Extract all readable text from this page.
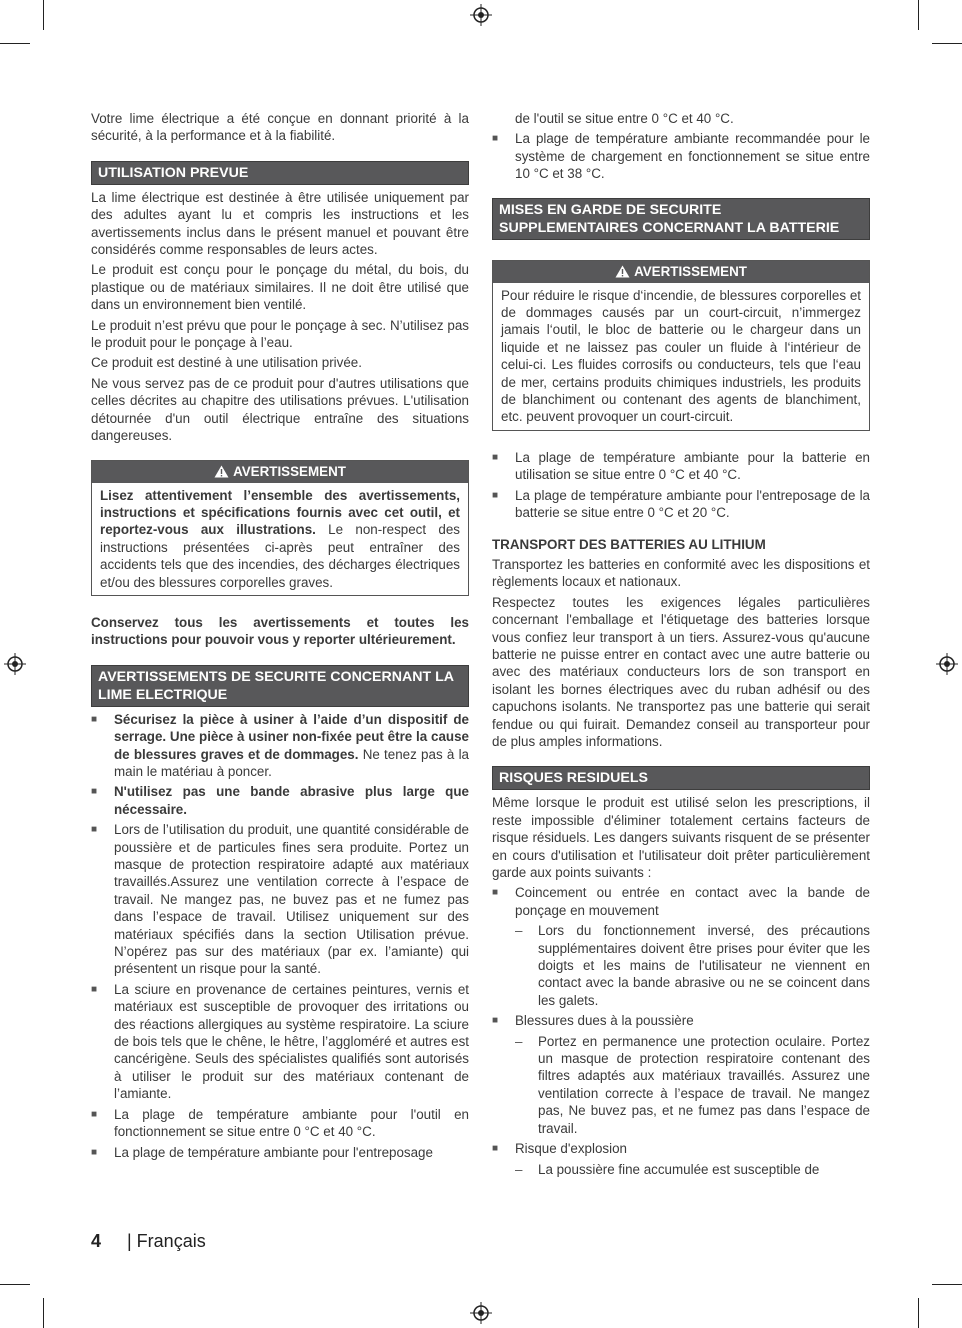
Votre lime électrique a été conçue en donnant priorité à la sécurité, à la performance et à la fiabilité.

UTILISATION PREVUE

La lime électrique est destinée à être utilisée uniquement par des adultes ayant lu et compris les instructions et les avertissements inclus dans le présent manuel et pouvant être considérés comme responsables de leurs actes.

Le produit est conçu pour le ponçage du métal, du bois, du plastique ou de matériaux similaires. Il ne doit être utilisé que dans un environnement bien ventilé.

Le produit n’est prévu que pour le ponçage à sec. N’utilisez pas le produit pour le ponçage à l’eau.

Ce produit est destiné à une utilisation privée.

Ne vous servez pas de ce produit pour d'autres utilisations que celles décrites au chapitre des utilisations prévues. L'utilisation détournée d'un outil électrique entraîne des situations dangereuses.

AVERTISSEMENT
Lisez attentivement l’ensemble des avertissements, instructions et spécifications fournis avec cet outil, et reportez-vous aux illustrations. Le non-respect des instructions présentées ci-après peut entraîner des accidents tels que des incendies, des décharges électriques et/ou des blessures corporelles graves.

Conservez tous les avertissements et toutes les instructions pour pouvoir vous y reporter ultérieurement.

AVERTISSEMENTS DE SECURITE CONCERNANT LA LIME ELECTRIQUE
■ Sécurisez la pièce à usiner à l’aide d’un dispositif de serrage. Une pièce à usiner non-fixée peut être la cause de blessures graves et de dommages. Ne tenez pas à la main le matériau à poncer.
■ N'utilisez pas une bande abrasive plus large que nécessaire.
■ Lors de l’utilisation du produit, une quantité considérable de poussière et de particules fines sera produite. Portez un masque de protection respiratoire adapté aux matériaux travaillés.Assurez une ventilation correcte à l’espace de travail. Ne mangez pas, ne buvez pas et ne fumez pas dans l’espace de travail. Utilisez uniquement sur des matériaux spécifiés dans la section Utilisation prévue. N’opérez pas sur des matériaux (par ex. l’amiante) qui présentent un risque pour la santé.
■ La sciure en provenance de certaines peintures, vernis et matériaux est susceptible de provoquer des irritations ou des réactions allergiques au système respiratoire. La sciure de bois tels que le chêne, le hêtre, l’aggloméré et autres est cancérigène. Seuls des spécialistes qualifiés sont autorisés à utiliser le produit sur des matériaux contenant de l’amiante.
■ La plage de température ambiante pour l'outil en fonctionnement se situe entre 0 °C et 40 °C.
■ La plage de température ambiante pour l'entreposage

de l'outil se situe entre 0 °C et 40 °C.

■ La plage de température ambiante recommandée pour le système de chargement en fonctionnement se situe entre 10 °C et 38 °C.
MISES EN GARDE DE SECURITE SUPPLEMENTAIRES CONCERNANT LA BATTERIE
AVERTISSEMENT
Pour réduire le risque d‘incendie, de blessures corporelles et de dommages causés par un court-circuit, n’immergez jamais l‘outil, le bloc de batterie ou le chargeur dans un liquide et ne laissez pas couler un fluide à l‘intérieur de celui-ci. Les fluides corrosifs ou conducteurs, tels que l‘eau de mer, certains produits chimiques industriels, les produits de blanchiment ou contenant des agents de blanchiment, etc. peuvent provoquer un court-circuit.
■ La plage de température ambiante pour la batterie en utilisation se situe entre 0 °C et 40 °C.
■ La plage de température ambiante pour l'entreposage de la batterie se situe entre 0 °C et 20 °C.

TRANSPORT DES BATTERIES AU LITHIUM

Transportez les batteries en conformité avec les dispositions et règlements locaux et nationaux.

Respectez toutes les exigences légales particulières concernant l'emballage et l'étiquetage des batteries lorsque vous confiez leur transport à un tiers. Assurez-vous qu'aucune batterie ne puisse entrer en contact avec une autre batterie ou avec des matériaux conducteurs lors de son transport en isolant les bornes électriques avec du ruban adhésif ou des capuchons isolants. Ne transportez pas une batterie qui serait fendue ou qui fuirait. Demandez conseil au transporteur pour de plus amples informations.

RISQUES RESIDUELS

Même lorsque le produit est utilisé selon les prescriptions, il reste impossible d'éliminer totalement certains facteurs de risque résiduels. Les dangers suivants risquent de se présenter en cours d'utilisation et l'utilisateur doit prêter particulièrement garde aux points suivants :

■ Coincement ou entrée en contact avec la bande de ponçage en mouvement
– Lors du fonctionnement inversé, des précautions supplémentaires doivent être prises pour éviter que les doigts et les mains de l'utilisateur ne viennent en contact avec la bande abrasive ou ne se coincent dans les galets.
■ Blessures dues à la poussière
– Portez en permanence une protection oculaire. Portez un masque de protection respiratoire contenant des filtres adaptés aux matériaux travaillés. Assurez une ventilation correcte à l’espace de travail. Ne mangez pas, Ne buvez pas, et ne fumez pas dans l’espace de travail.
■ Risque d'explosion
– La poussière fine accumulée est susceptible de
4 | Français
